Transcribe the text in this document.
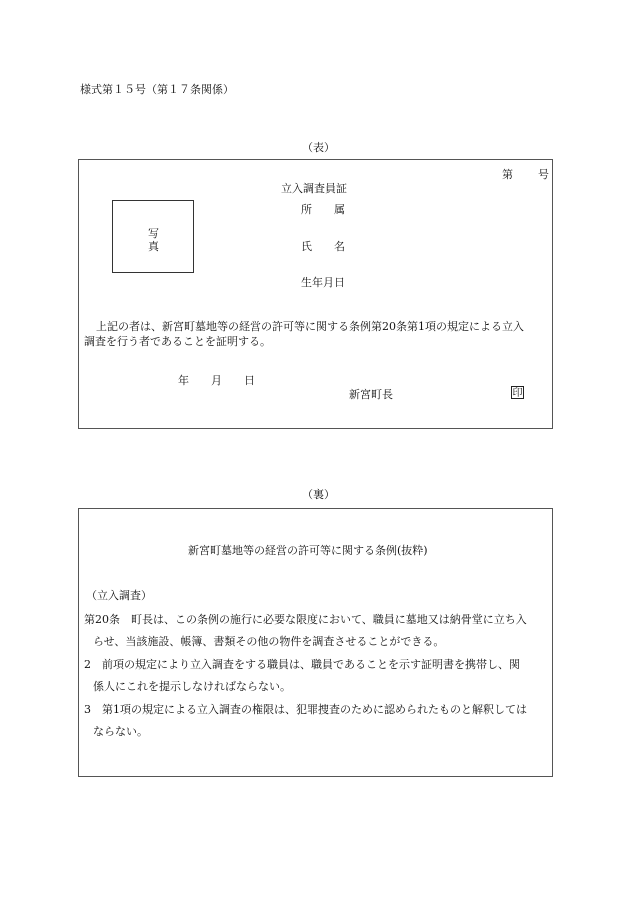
様式第１５号（第１７条関係）
（表）
第 号
立入調査員証
写
真
所　　属
氏　　名
生年月日
上記の者は、新宮町墓地等の経営の許可等に関する条例第20条第1項の規定による立入
調査を行う者であることを証明する。
年　　月　　日
新宮町長	印
（裏）
新宮町墓地等の経営の許可等に関する条例(抜粋)
（立入調査）
第20条　町長は、この条例の施行に必要な限度において、職員に墓地又は納骨堂に立ち入
らせ、当該施設、帳簿、書類その他の物件を調査させることができる。
2　前項の規定により立入調査をする職員は、職員であることを示す証明書を携帯し、関
係人にこれを提示しなければならない。
3　第1項の規定による立入調査の権限は、犯罪捜査のために認められたものと解釈しては
ならない。
